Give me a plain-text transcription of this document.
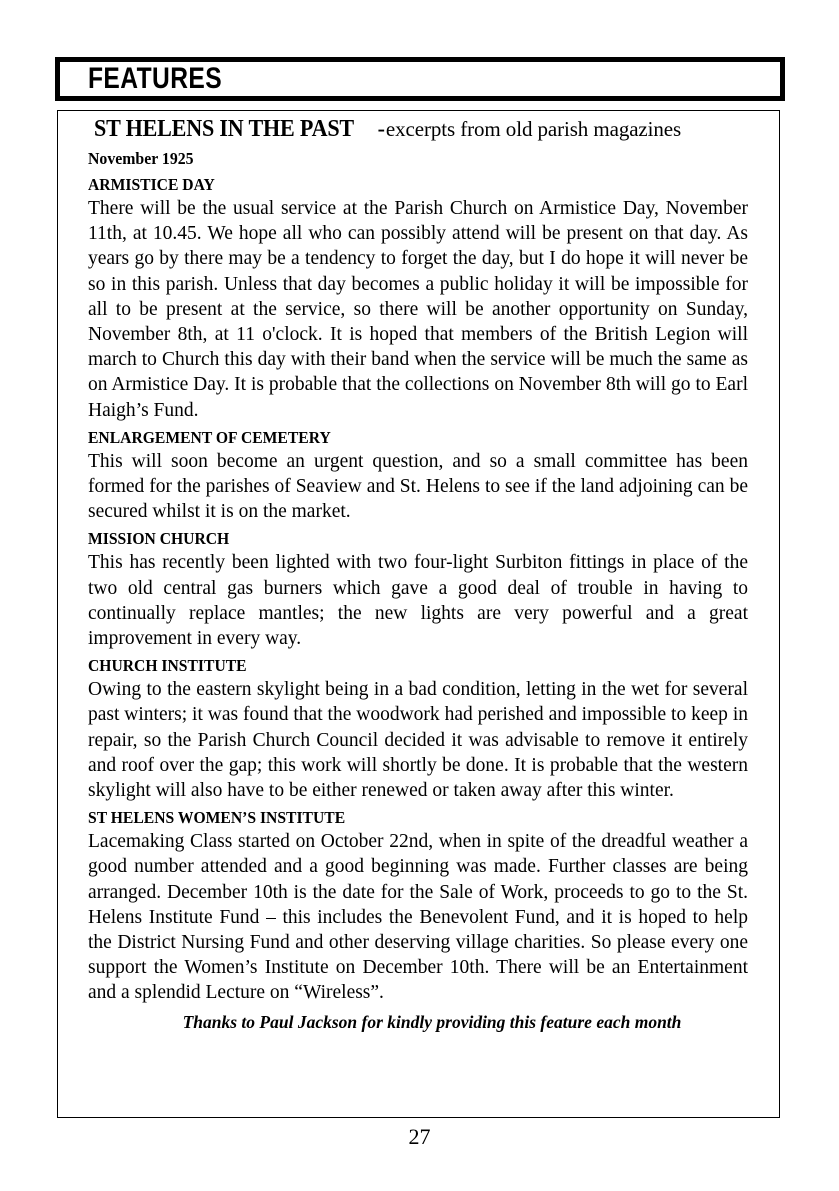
FEATURES
ST HELENS IN THE PAST -excerpts from old parish magazines
November 1925
ARMISTICE DAY

There will be the usual service at the Parish Church on Armistice Day, November 11th, at 10.45. We hope all who can possibly attend will be present on that day. As years go by there may be a tendency to forget the day, but I do hope it will never be so in this parish. Unless that day becomes a public holiday it will be impossible for all to be present at the service, so there will be another opportunity on Sunday, November 8th, at 11 o'clock. It is hoped that members of the British Legion will march to Church this day with their band when the service will be much the same as on Armistice Day. It is probable that the collections on November 8th will go to Earl Haigh’s Fund.

ENLARGEMENT OF CEMETERY

This will soon become an urgent question, and so a small committee has been formed for the parishes of Seaview and St. Helens to see if the land adjoining can be secured whilst it is on the market.

MISSION CHURCH

This has recently been lighted with two four-light Surbiton fittings in place of the two old central gas burners which gave a good deal of trouble in having to continually replace mantles; the new lights are very powerful and a great improvement in every way.

CHURCH INSTITUTE

Owing to the eastern skylight being in a bad condition, letting in the wet for several past winters; it was found that the woodwork had perished and impossible to keep in repair, so the Parish Church Council decided it was advisable to remove it entirely and roof over the gap; this work will shortly be done. It is probable that the western skylight will also have to be either renewed or taken away after this winter.

ST HELENS WOMEN’S INSTITUTE

Lacemaking Class started on October 22nd, when in spite of the dreadful weather a good number attended and a good beginning was made. Further classes are being arranged. December 10th is the date for the Sale of Work, proceeds to go to the St. Helens Institute Fund – this includes the Benevolent Fund, and it is hoped to help the District Nursing Fund and other deserving village charities. So please every one support the Women’s Institute on December 10th. There will be an Entertainment and a splendid Lecture on “Wireless”.

Thanks to Paul Jackson for kindly providing this feature each month
27
